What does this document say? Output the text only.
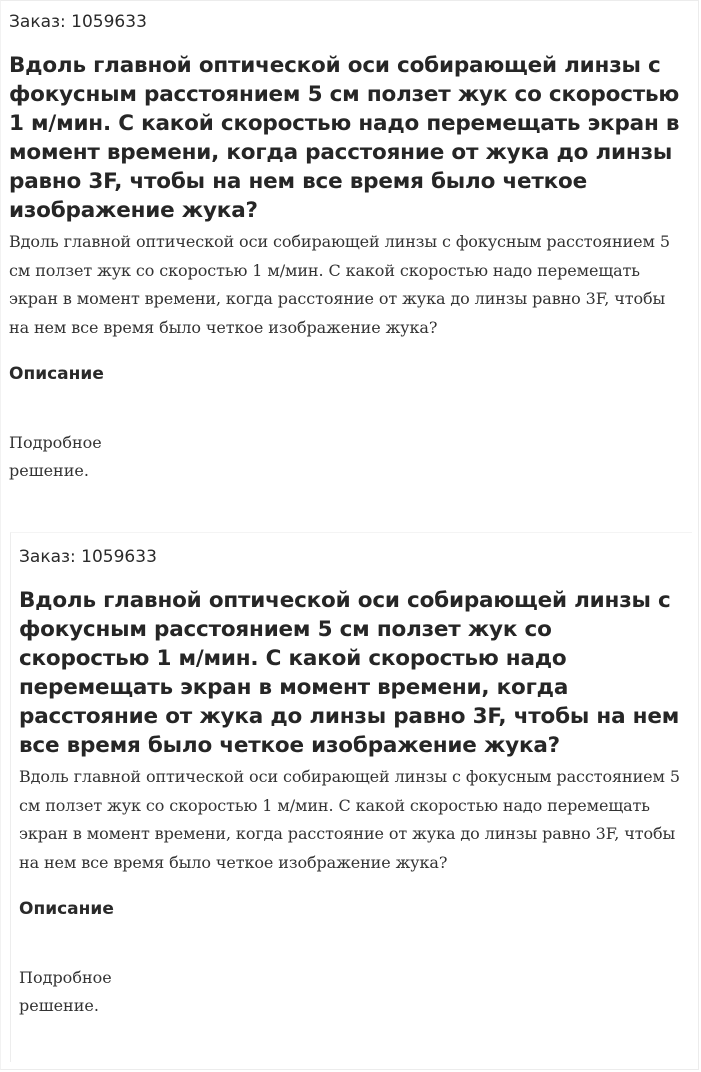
Заказ: 1059633
Вдоль главной оптической оси собирающей линзы с фокусным расстоянием 5 см ползет жук со скоростью 1 м/мин. С какой скоростью надо перемещать экран в момент времени, когда расстояние от жука до линзы равно 3F, чтобы на нем все время было четкое изображение жука?
Вдоль главной оптической оси собирающей линзы с фокусным расстоянием 5 см ползет жук со скоростью 1 м/мин. С какой скоростью надо перемещать экран в момент времени, когда расстояние от жука до линзы равно 3F, чтобы на нем все время было четкое изображение жука?
Описание
Подробное решение.
Заказ: 1059633
Вдоль главной оптической оси собирающей линзы с фокусным расстоянием 5 см ползет жук со скоростью 1 м/мин. С какой скоростью надо перемещать экран в момент времени, когда расстояние от жука до линзы равно 3F, чтобы на нем все время было четкое изображение жука?
Вдоль главной оптической оси собирающей линзы с фокусным расстоянием 5 см ползет жук со скоростью 1 м/мин. С какой скоростью надо перемещать экран в момент времени, когда расстояние от жука до линзы равно 3F, чтобы на нем все время было четкое изображение жука?
Описание
Подробное решение.
